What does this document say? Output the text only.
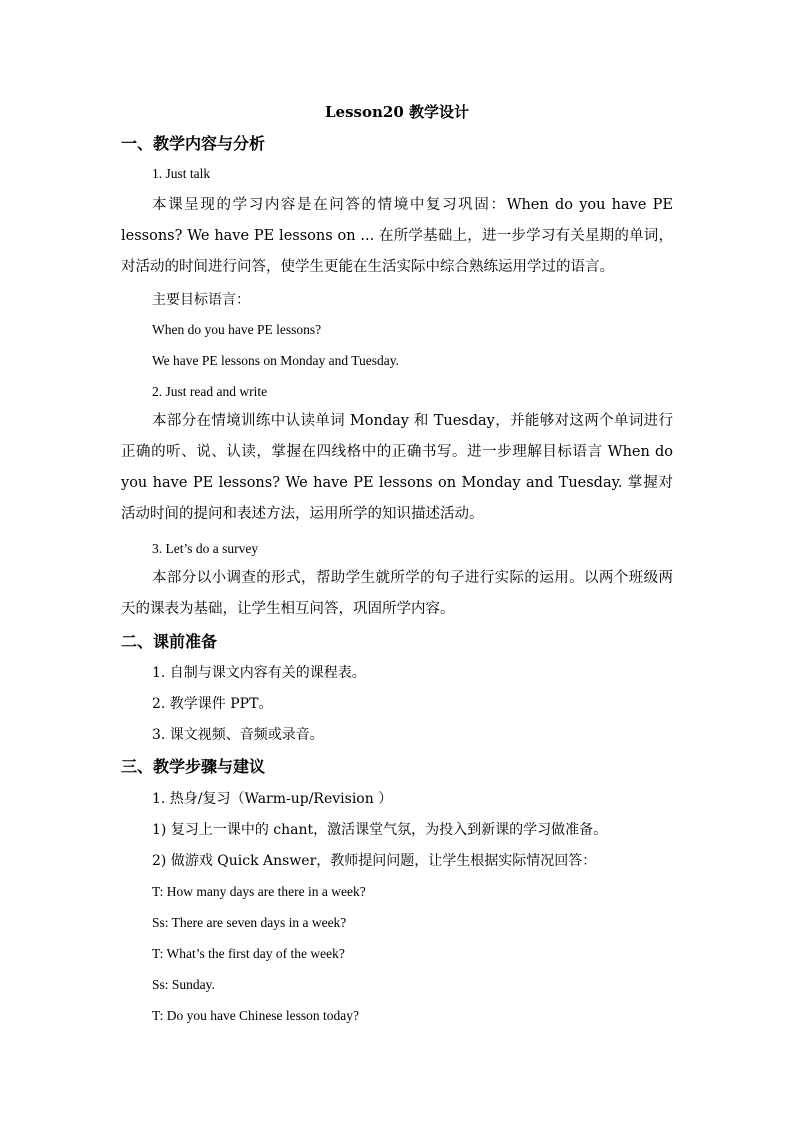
Lesson20 教学设计
一、教学内容与分析
1. Just talk

本课呈现的学习内容是在问答的情境中复习巩固：When do you have PE lessons? We have PE lessons on ... 在所学基础上，进一步学习有关星期的单词，对活动的时间进行问答，使学生更能在生活实际中综合熟练运用学过的语言。

主要目标语言：
When do you have PE lessons?
We have PE lessons on Monday and Tuesday.
2. Just read and write

本部分在情境训练中认读单词 Monday 和 Tuesday，并能够对这两个单词进行正确的听、说、认读，掌握在四线格中的正确书写。进一步理解目标语言 When do you have PE lessons? We have PE lessons on Monday and Tuesday. 掌握对活动时间的提问和表述方法，运用所学的知识描述活动。

3. Let’s do a survey

本部分以小调查的形式，帮助学生就所学的句子进行实际的运用。以两个班级两天的课表为基础，让学生相互问答，巩固所学内容。

二、课前准备
1. 自制与课文内容有关的课程表。
2. 教学课件 PPT。
3. 课文视频、音频或录音。
三、教学步骤与建议
1. 热身/复习（Warm-up/Revision ）
1) 复习上一课中的 chant，激活课堂气氛，为投入到新课的学习做准备。
2) 做游戏 Quick Answer，教师提问问题，让学生根据实际情况回答：
T: How many days are there in a week?
Ss: There are seven days in a week?
T: What’s the first day of the week?
Ss: Sunday.
T: Do you have Chinese lesson today?
